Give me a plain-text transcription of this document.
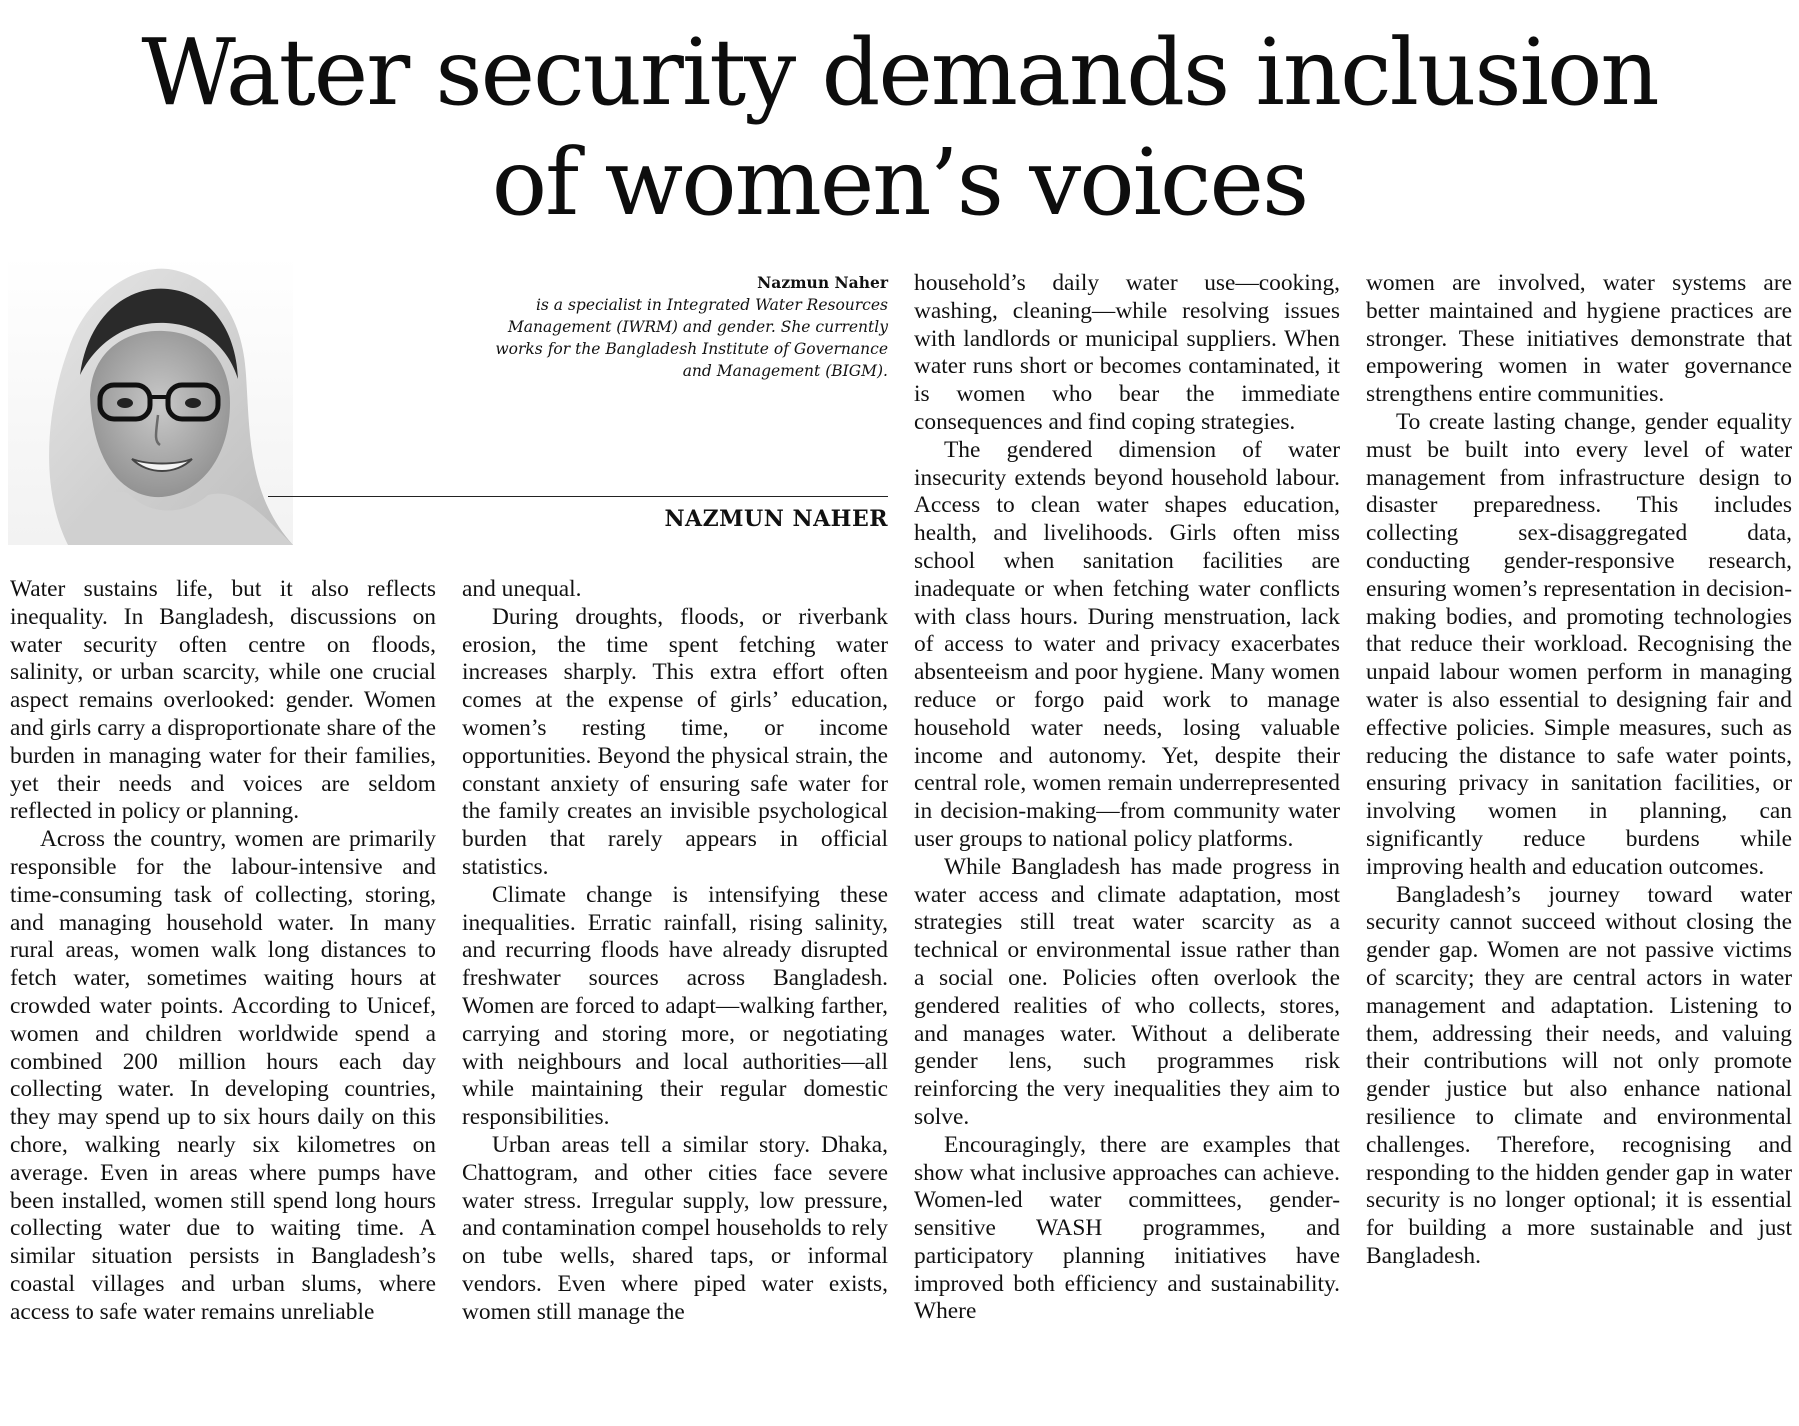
Water security demands inclusion
of women’s voices
Nazmun Naher
is a specialist in Integrated Water Resources Management (IWRM) and gender. She currently works for the Bangladesh Institute of Governance and Management (BIGM).
NAZMUN NAHER

Water sustains life, but it also reflects inequality. In Bangladesh, discussions on water security often centre on floods, salinity, or urban scarcity, while one crucial aspect remains overlooked: gender. Women and girls carry a disproportionate share of the burden in managing water for their families, yet their needs and voices are seldom reflected in policy or planning.

Across the country, women are primarily responsible for the labour-intensive and time-consuming task of collecting, storing, and managing household water. In many rural areas, women walk long distances to fetch water, sometimes waiting hours at crowded water points. According to Unicef, women and children worldwide spend a combined 200 million hours each day collecting water. In developing countries, they may spend up to six hours daily on this chore, walking nearly six kilometres on average. Even in areas where pumps have been installed, women still spend long hours collecting water due to waiting time. A similar situation persists in Bangladesh’s coastal villages and urban slums, where access to safe water remains unreliable

and unequal.

During droughts, floods, or riverbank erosion, the time spent fetching water increases sharply. This extra effort often comes at the expense of girls’ education, women’s resting time, or income opportunities. Beyond the physical strain, the constant anxiety of ensuring safe water for the family creates an invisible psychological burden that rarely appears in official statistics.

Climate change is intensifying these inequalities. Erratic rainfall, rising salinity, and recurring floods have already disrupted freshwater sources across Bangladesh. Women are forced to adapt—walking farther, carrying and storing more, or negotiating with neighbours and local authorities—all while maintaining their regular domestic responsibilities.

Urban areas tell a similar story. Dhaka, Chattogram, and other cities face severe water stress. Irregular supply, low pressure, and contamination compel households to rely on tube wells, shared taps, or informal vendors. Even where piped water exists, women still manage the

household’s daily water use—cooking, washing, cleaning—while resolving issues with landlords or municipal suppliers. When water runs short or becomes contaminated, it is women who bear the immediate consequences and find coping strategies.

The gendered dimension of water insecurity extends beyond household labour. Access to clean water shapes education, health, and livelihoods. Girls often miss school when sanitation facilities are inadequate or when fetching water conflicts with class hours. During menstruation, lack of access to water and privacy exacerbates absenteeism and poor hygiene. Many women reduce or forgo paid work to manage household water needs, losing valuable income and autonomy. Yet, despite their central role, women remain underrepresented in decision-making—from community water user groups to national policy platforms.

While Bangladesh has made progress in water access and climate adaptation, most strategies still treat water scarcity as a technical or environmental issue rather than a social one. Policies often overlook the gendered realities of who collects, stores, and manages water. Without a deliberate gender lens, such programmes risk reinforcing the very inequalities they aim to solve.

Encouragingly, there are examples that show what inclusive approaches can achieve. Women-led water committees, gender-sensitive WASH programmes, and participatory planning initiatives have improved both efficiency and sustainability. Where

women are involved, water systems are better maintained and hygiene practices are stronger. These initiatives demonstrate that empowering women in water governance strengthens entire communities.

To create lasting change, gender equality must be built into every level of water management from infrastructure design to disaster preparedness. This includes collecting sex-disaggregated data, conducting gender-responsive research, ensuring women’s representation in decision-making bodies, and promoting technologies that reduce their workload. Recognising the unpaid labour women perform in managing water is also essential to designing fair and effective policies. Simple measures, such as reducing the distance to safe water points, ensuring privacy in sanitation facilities, or involving women in planning, can significantly reduce burdens while improving health and education outcomes.

Bangladesh’s journey toward water security cannot succeed without closing the gender gap. Women are not passive victims of scarcity; they are central actors in water management and adaptation. Listening to them, addressing their needs, and valuing their contributions will not only promote gender justice but also enhance national resilience to climate and environmental challenges. Therefore, recognising and responding to the hidden gender gap in water security is no longer optional; it is essential for building a more sustainable and just Bangladesh.
